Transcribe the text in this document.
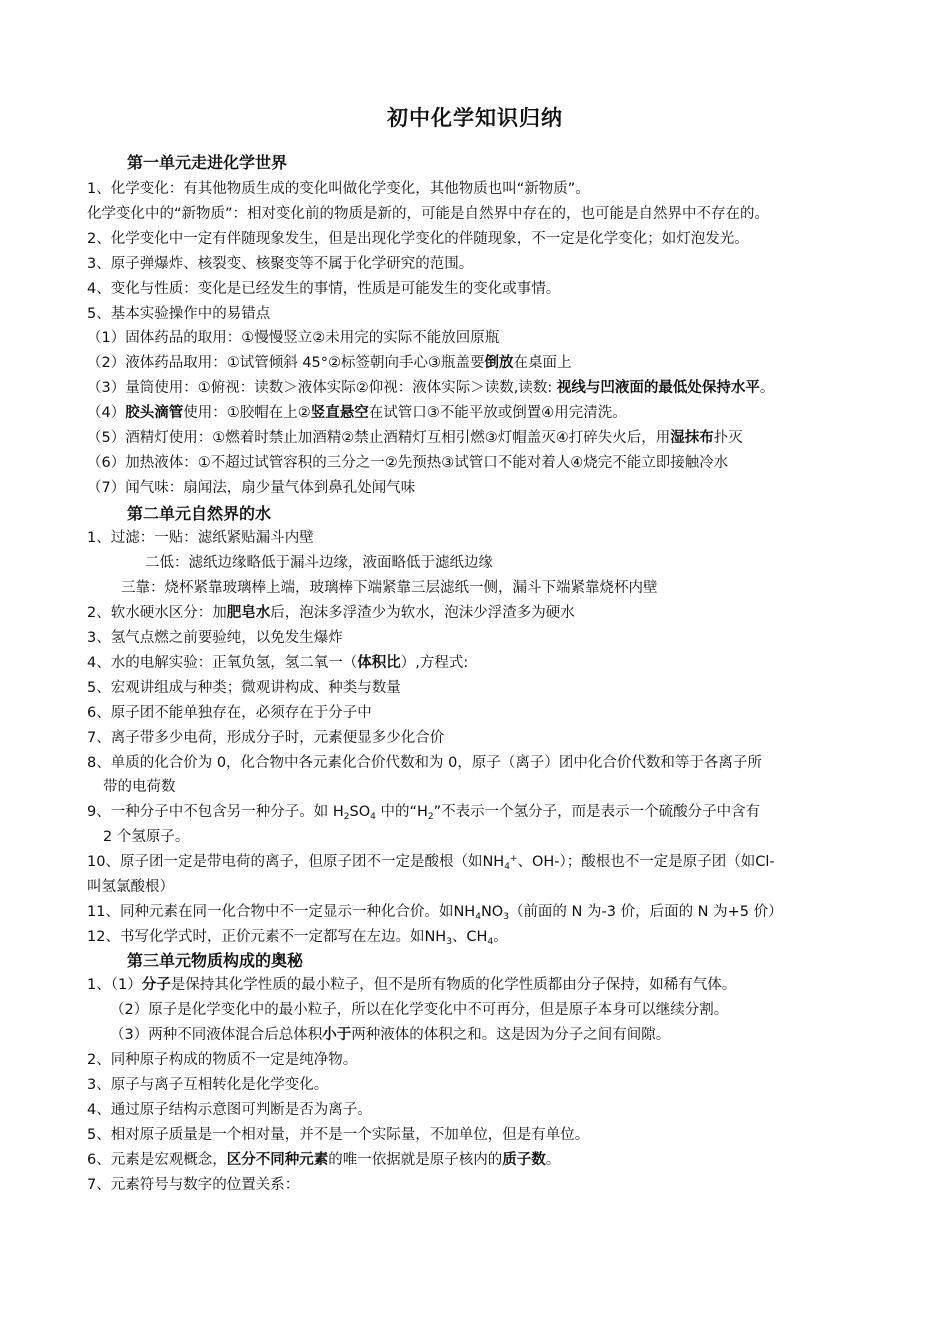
初中化学知识归纳
第一单元走进化学世界
1、化学变化：有其他物质生成的变化叫做化学变化，其他物质也叫“新物质”。
化学变化中的“新物质”：相对变化前的物质是新的，可能是自然界中存在的，也可能是自然界中不存在的。
2、化学变化中一定有伴随现象发生，但是出现化学变化的伴随现象，不一定是化学变化；如灯泡发光。
3、原子弹爆炸、核裂变、核聚变等不属于化学研究的范围。
4、变化与性质：变化是已经发生的事情，性质是可能发生的变化或事情。
5、基本实验操作中的易错点
（1）固体药品的取用：①慢慢竖立②未用完的实际不能放回原瓶
（2）液体药品取用：①试管倾斜 45°②标签朝向手心③瓶盖要倒放在桌面上
（3）量筒使用：①俯视：读数＞液体实际②仰视：液体实际＞读数,读数: 视线与凹液面的最低处保持水平。
（4）胶头滴管使用：①胶帽在上②竖直悬空在试管口③不能平放或倒置④用完清洗。
（5）酒精灯使用：①燃着时禁止加酒精②禁止酒精灯互相引燃③灯帽盖灭④打碎失火后，用湿抹布扑灭
（6）加热液体：①不超过试管容积的三分之一②先预热③试管口不能对着人④烧完不能立即接触冷水
（7）闻气味：扇闻法，扇少量气体到鼻孔处闻气味
第二单元自然界的水
1、过滤：一贴：滤纸紧贴漏斗内壁
二低：滤纸边缘略低于漏斗边缘，液面略低于滤纸边缘
三靠：烧杯紧靠玻璃棒上端，玻璃棒下端紧靠三层滤纸一侧，漏斗下端紧靠烧杯内壁
2、软水硬水区分：加肥皂水后，泡沫多浮渣少为软水，泡沫少浮渣多为硬水
3、氢气点燃之前要验纯，以免发生爆炸
4、水的电解实验：正氧负氢，氢二氧一（体积比）,方程式:
5、宏观讲组成与种类；微观讲构成、种类与数量
6、原子团不能单独存在，必须存在于分子中
7、离子带多少电荷，形成分子时，元素便显多少化合价
8、单质的化合价为 0，化合物中各元素化合价代数和为 0，原子（离子）团中化合价代数和等于各离子所
带的电荷数
9、一种分子中不包含另一种分子。如 $H_2SO_4$ 中的“$H_2$”不表示一个氢分子，而是表示一个硫酸分子中含有
2 个氢原子。
10、原子团一定是带电荷的离子，但原子团不一定是酸根（如$NH_4^+$、OH-）；酸根也不一定是原子团（如Cl-
叫氢氯酸根）
11、同种元素在同一化合物中不一定显示一种化合价。如$NH_4NO_3$（前面的 N 为-3 价，后面的 N 为+5 价）
12、书写化学式时，正价元素不一定都写在左边。如$NH_3$、$CH_4$。
第三单元物质构成的奥秘
1、（1）分子是保持其化学性质的最小粒子，但不是所有物质的化学性质都由分子保持，如稀有气体。
（2）原子是化学变化中的最小粒子，所以在化学变化中不可再分，但是原子本身可以继续分割。
（3）两种不同液体混合后总体积小于两种液体的体积之和。这是因为分子之间有间隙。
2、同种原子构成的物质不一定是纯净物。
3、原子与离子互相转化是化学变化。
4、通过原子结构示意图可判断是否为离子。
5、相对原子质量是一个相对量，并不是一个实际量，不加单位，但是有单位。
6、元素是宏观概念，区分不同种元素的唯一依据就是原子核内的质子数。
7、元素符号与数字的位置关系：
